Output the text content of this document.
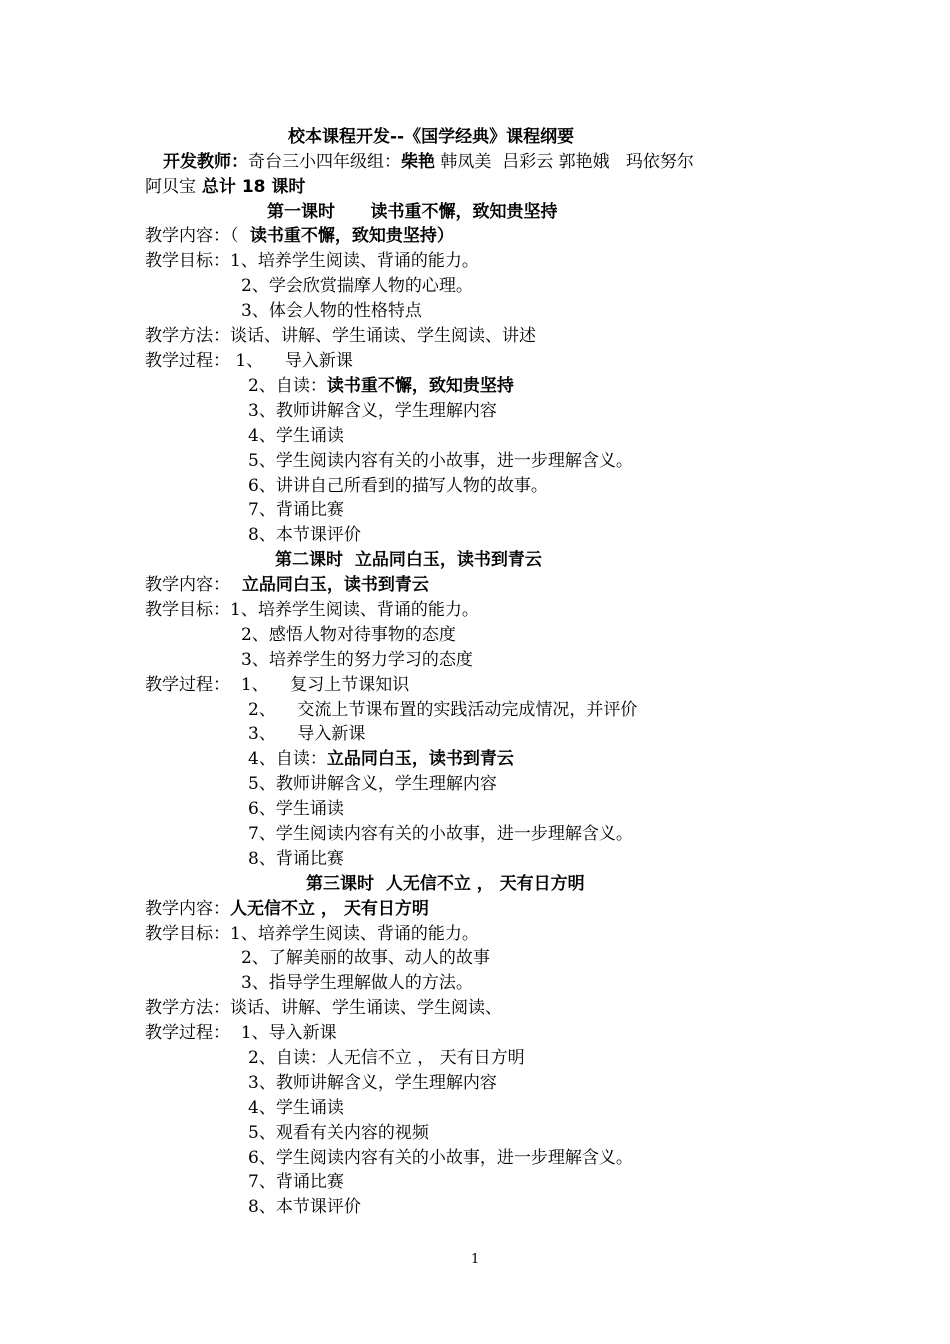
校本课程开发--《国学经典》课程纲要
开发教师：奇台三小四年级组：柴艳 韩凤美  吕彩云 郭艳娥   玛依努尔
阿贝宝 总计 18 课时
第一课时      读书重不懈，致知贵坚持
教学内容：（  读书重不懈，致知贵坚持）
教学目标：1、培养学生阅读、背诵的能力。
2、学会欣赏揣摩人物的心理。
3、体会人物的性格特点
教学方法：谈话、讲解、学生诵读、学生阅读、讲述
教学过程： 1、    导入新课
2、自读：读书重不懈，致知贵坚持
3、教师讲解含义，学生理解内容
4、学生诵读
5、学生阅读内容有关的小故事，进一步理解含义。
6、讲讲自己所看到的描写人物的故事。
7、背诵比赛
8、本节课评价
第二课时  立品同白玉，读书到青云
教学内容：  立品同白玉，读书到青云
教学目标：1、培养学生阅读、背诵的能力。
2、感悟人物对待事物的态度
3、培养学生的努力学习的态度
教学过程： 1、    复习上节课知识
2、    交流上节课布置的实践活动完成情况，并评价
3、    导入新课
4、自读：立品同白玉，读书到青云
5、教师讲解含义，学生理解内容
6、学生诵读
7、学生阅读内容有关的小故事，进一步理解含义。
8、背诵比赛
第三课时  人无信不立 ， 天有日方明
教学内容：人无信不立 ， 天有日方明
教学目标：1、培养学生阅读、背诵的能力。
2、了解美丽的故事、动人的故事
3、指导学生理解做人的方法。
教学方法：谈话、讲解、学生诵读、学生阅读、
教学过程： 1、导入新课
2、自读：人无信不立 ， 天有日方明
3、教师讲解含义，学生理解内容
4、学生诵读
5、观看有关内容的视频
6、学生阅读内容有关的小故事，进一步理解含义。
7、背诵比赛
8、本节课评价
1
